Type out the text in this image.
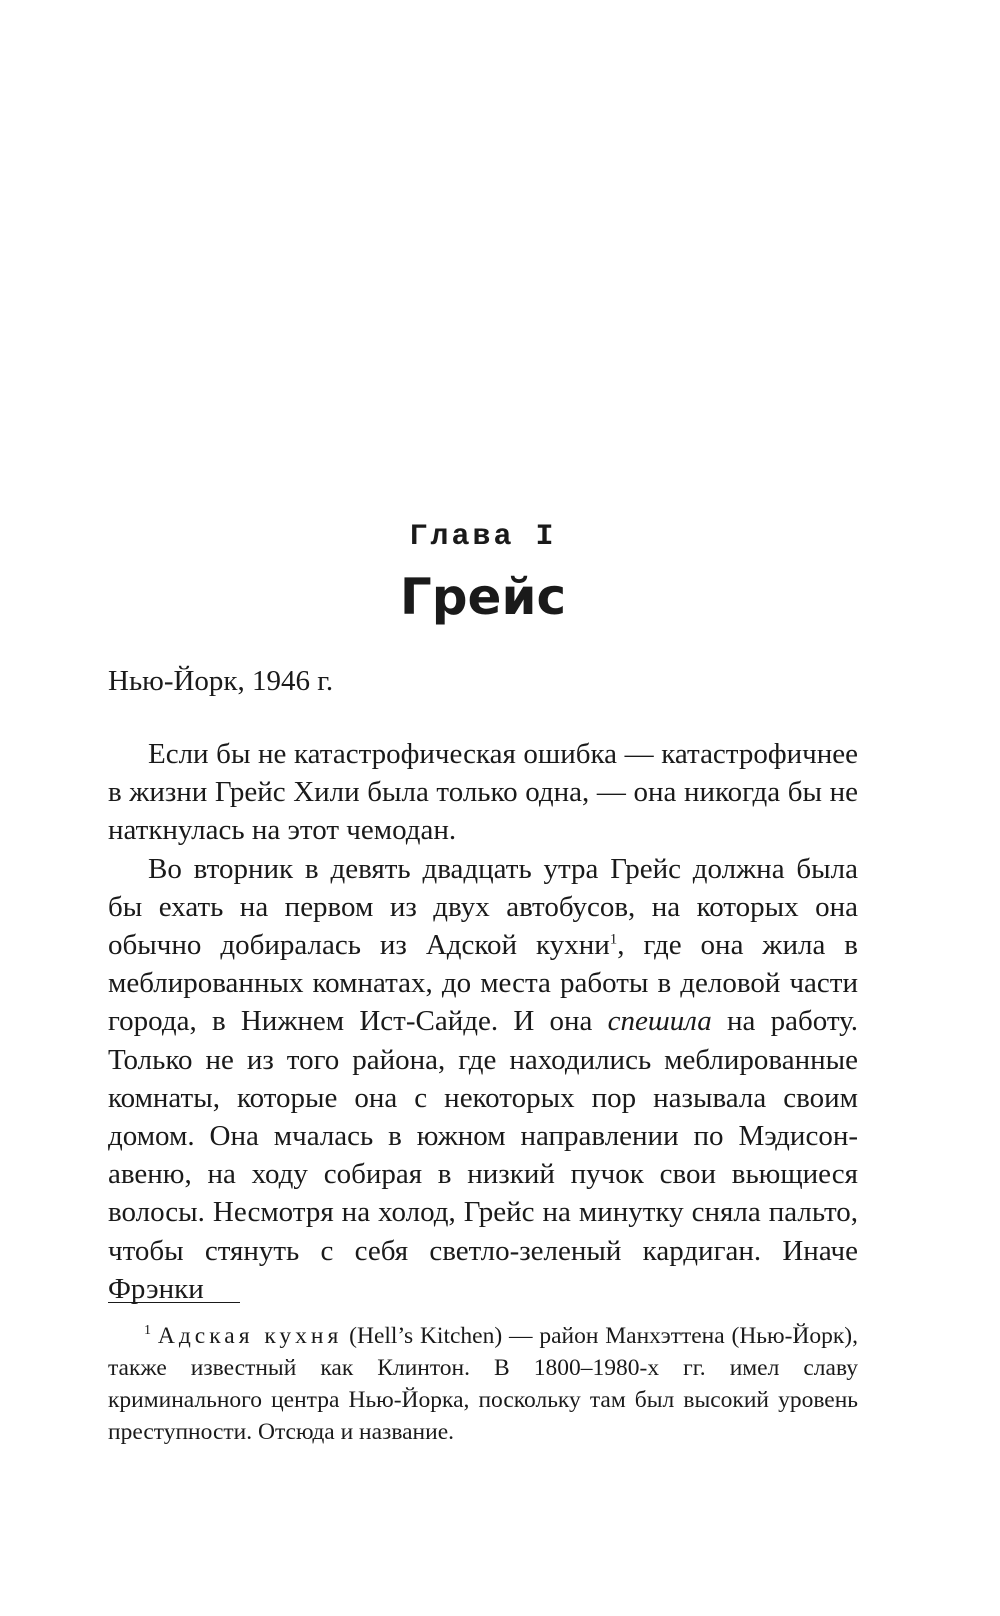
Глава I
Грейс
Нью-Йорк, 1946 г.

Если бы не катастрофическая ошибка — катастрофичнее в жизни Грейс Хили была только одна, — она никогда бы не наткнулась на этот чемодан.

Во вторник в девять двадцать утра Грейс должна была бы ехать на первом из двух автобусов, на которых она обычно добиралась из Адской кухни$^1$, где она жила в меблированных комнатах, до места работы в деловой части города, в Нижнем Ист-Сайде. И она спешила на работу. Только не из того района, где находились меблированные комнаты, которые она с некоторых пор называла своим домом. Она мчалась в южном направлении по Мэдисон-авеню, на ходу собирая в низкий пучок свои вьющиеся волосы. Несмотря на холод, Грейс на минутку сняла пальто, чтобы стянуть с себя светло-зеленый кардиган. Иначе Фрэнки

$^1$ Адская кухня (Hell’s Kitchen) — район Манхэттена (Нью-Йорк), также известный как Клинтон. В 1800–1980-х гг. имел славу криминального центра Нью-Йорка, поскольку там был высокий уровень преступности. Отсюда и название.
